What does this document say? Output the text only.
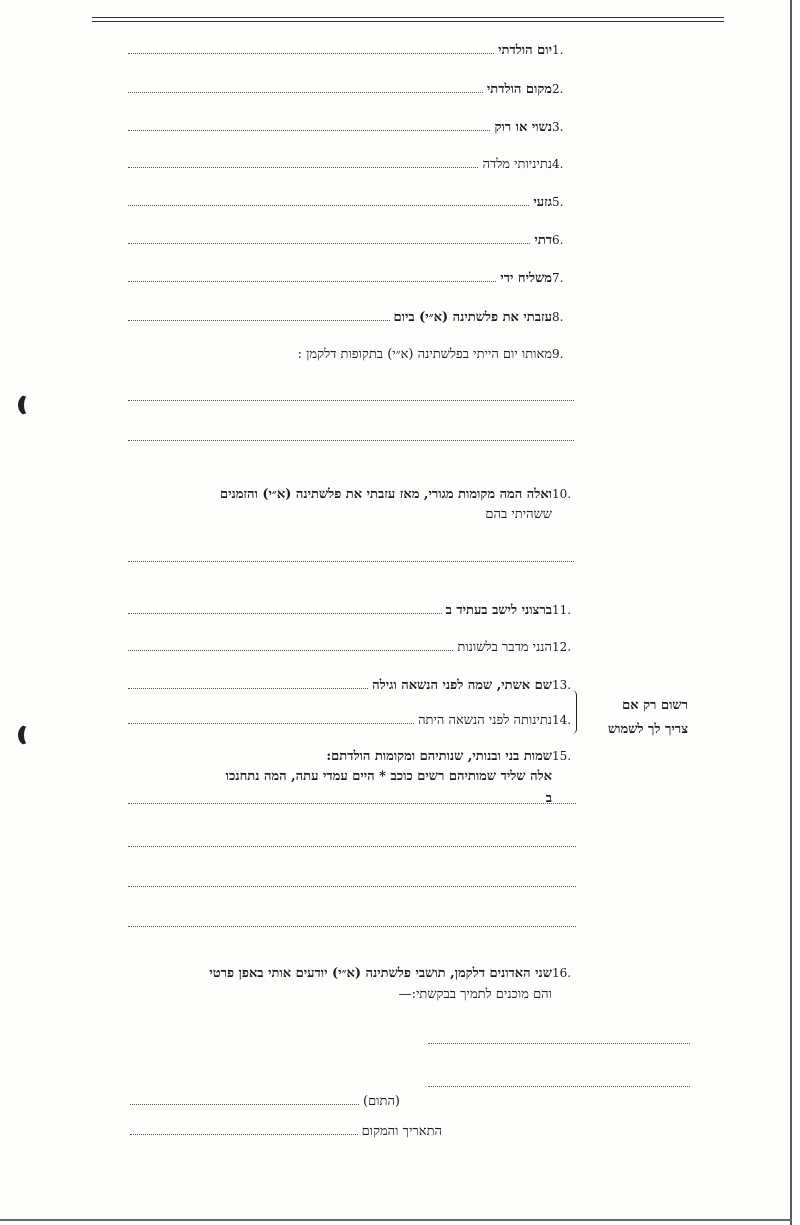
.1
יום הולדתי
.2
מקום הולדתי
.3
נשוי או רוק
.4
נתיניותי מלדה
.5
גזעי
.6
דתי
.7
משליח ידי
.8
עזבתי את פלשתינה (א״י) ביום
.9
מאותו יום הייתי בפלשתינה (א״י) בתקופות דלקמן :
.10
ואלה המה מקומות מגורי, מאז עזבתי את פלשתינה (א״י) והזמנים
ששהיתי בהם
.11
ברצוני לישב בעתיד ב
.12
הנני מדבר בלשונות
.13
שם אשתי, שמה לפני הנשאה וגילה
.14
נתינותה לפני הנשאה היתה
רשום רק אם
צריך לך לשמוש
.15
שמות בני ובנותי, שנותיהם ומקומות הולדתם:
אלה שליד שמותיהם רשים כוכב * היים עמדי עתה, המה נתחנכו
ב
.16
שני האדונים דלקמן, תושבי פלשתינה (א״י) יודעים אותי באפן פרטי
והם מוכנים לתמיך בבקשתי:—
(התום)
התאריך והמקום
